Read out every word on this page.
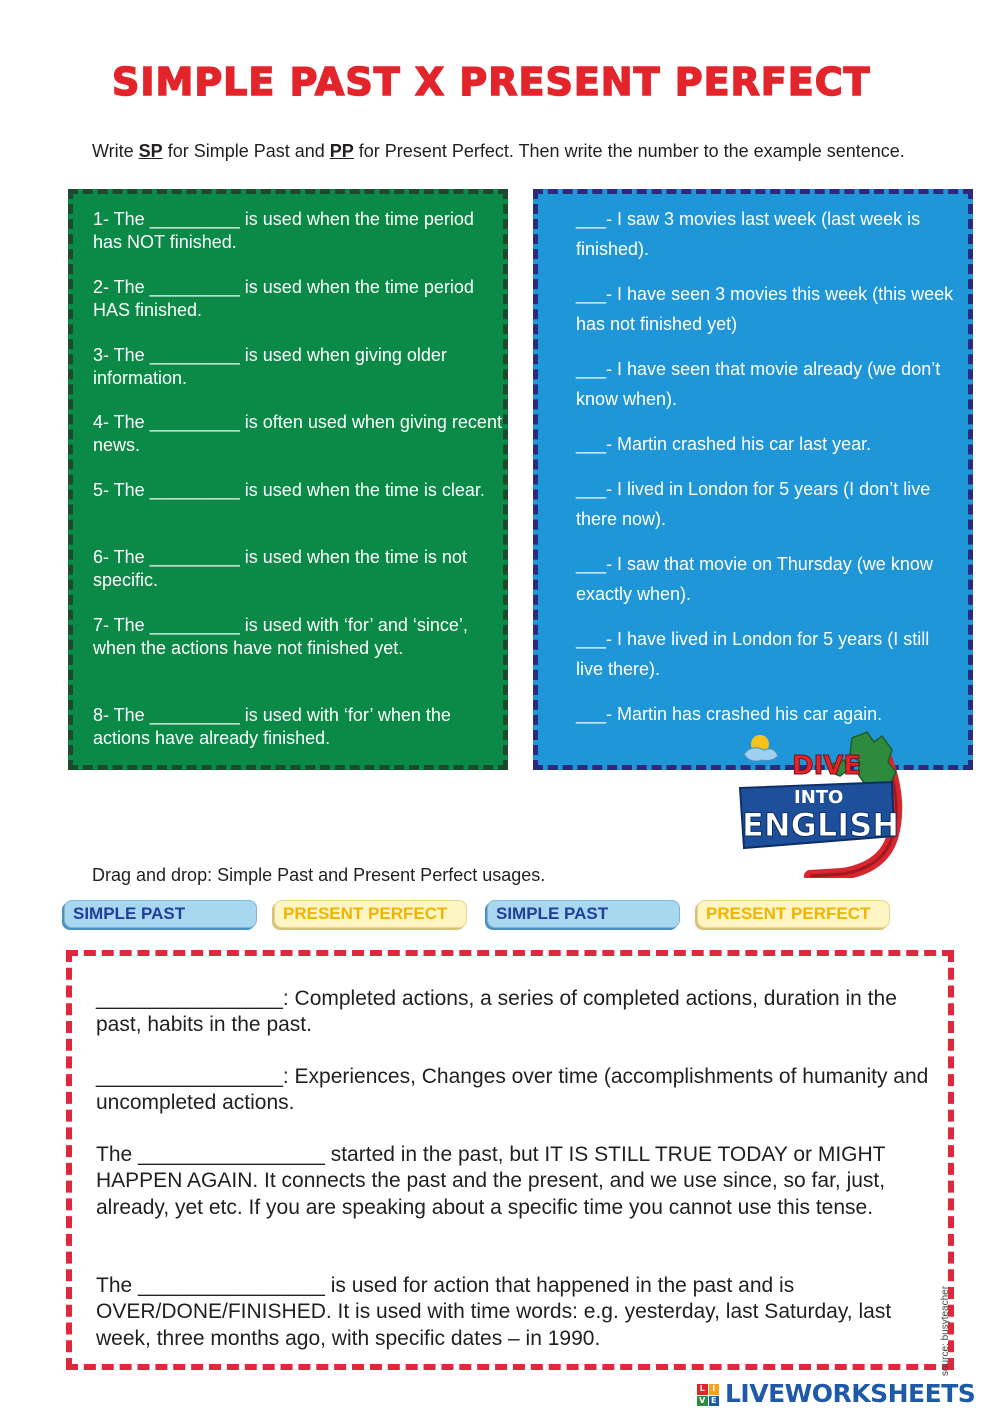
SIMPLE PAST X PRESENT PERFECT
Write SP for Simple Past and PP for Present Perfect. Then write the number to the example sentence.
1- The _________ is used when the time period has NOT finished.
2- The _________ is used when the time period HAS finished.
3- The _________ is used when giving older information.
4- The _________ is often used when giving recent news.
5- The _________ is used when the time is clear.
6- The _________ is used when the time is not specific.
7- The _________ is used with ‘for’ and ‘since’, when the actions have not finished yet.
8- The _________ is used with ‘for’ when the actions have already finished.
___- I saw 3 movies last week (last week is finished).
___- I have seen 3 movies this week (this week has not finished yet)
___- I have seen that movie already (we don’t know when).
___- Martin crashed his car last year.
___- I lived in London for 5 years (I don’t live there now).
___- I saw that movie on Thursday (we know exactly when).
___- I have lived in London for 5 years (I still live there).
___- Martin has crashed his car again.
DIVE
INTO
ENGLISH
Drag and drop: Simple Past and Present Perfect usages.
SIMPLE PAST	PRESENT PERFECT	SIMPLE PAST	PRESENT PERFECT
________________: Completed actions, a series of completed actions, duration in the past, habits in the past.
________________: Experiences, Changes over time (accomplishments of humanity and uncompleted actions.
The ________________ started in the past, but IT IS STILL TRUE TODAY or MIGHT HAPPEN AGAIN. It connects the past and the present, and we use since, so far, just, already, yet etc. If you are speaking about a specific time you cannot use this tense.
The ________________ is used for action that happened in the past and is OVER/DONE/FINISHED. It is used with time words: e.g. yesterday, last Saturday, last week, three months ago, with specific dates – in 1990.	source: busyteacher
L I
V E LIVEWORKSHEETS
